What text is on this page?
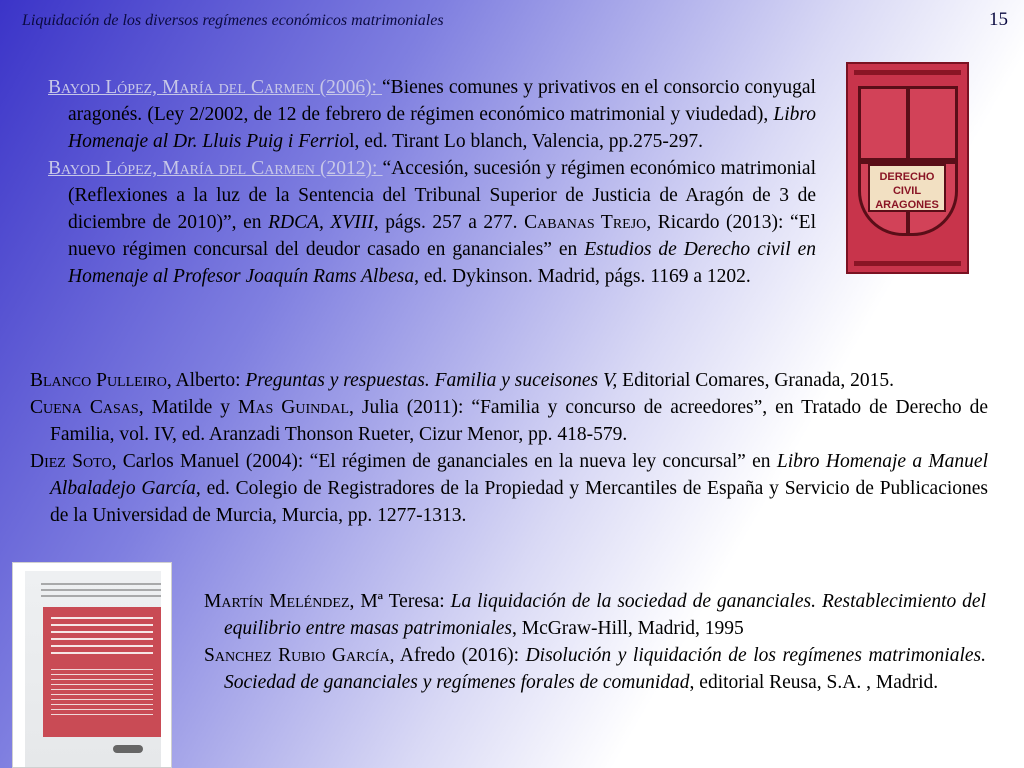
Liquidación de los diversos regímenes económicos matrimoniales	15
DERECHO
CIVIL
ARAGONES

Bayod López, María del Carmen (2006): “Bienes comunes y privativos en el consorcio conyugal aragonés. (Ley 2/2002, de 12 de febrero de régimen económico matrimonial y viudedad), Libro Homenaje al Dr. Lluis Puig i Ferriol, ed. Tirant Lo blanch, Valencia, pp.275-297.

Bayod López, María del Carmen (2012): “Accesión, sucesión y régimen económico matrimonial (Reflexiones a la luz de la Sentencia del Tribunal Superior de Justicia de Aragón de 3 de diciembre de 2010)”, en RDCA, XVIII, págs. 257 a 277. Cabanas Trejo, Ricardo (2013): “El nuevo régimen concursal del deudor casado en gananciales” en Estudios de Derecho civil en Homenaje al Profesor Joaquín Rams Albesa, ed. Dykinson. Madrid, págs. 1169 a 1202.

Blanco Pulleiro, Alberto: Preguntas y respuestas. Familia y suceisones V, Editorial Comares, Granada, 2015.

Cuena Casas, Matilde y Mas Guindal, Julia (2011): “Familia y concurso de acreedores”, en Tratado de Derecho de Familia, vol. IV, ed. Aranzadi Thonson Rueter, Cizur Menor, pp. 418-579.

Diez Soto, Carlos Manuel (2004): “El régimen de gananciales en la nueva ley concursal” en Libro Homenaje a Manuel Albaladejo García, ed. Colegio de Registradores de la Propiedad y Mercantiles de España y Servicio de Publicaciones de la Universidad de Murcia, Murcia, pp. 1277-1313.

Martín Meléndez, Mª Teresa: La liquidación de la sociedad de gananciales. Restablecimiento del equilibrio entre masas patrimoniales, McGraw-Hill, Madrid, 1995

Sanchez Rubio García, Afredo (2016): Disolución y liquidación de los regímenes matrimoniales. Sociedad de gananciales y regímenes forales de comunidad, editorial Reusa, S.A. , Madrid.
